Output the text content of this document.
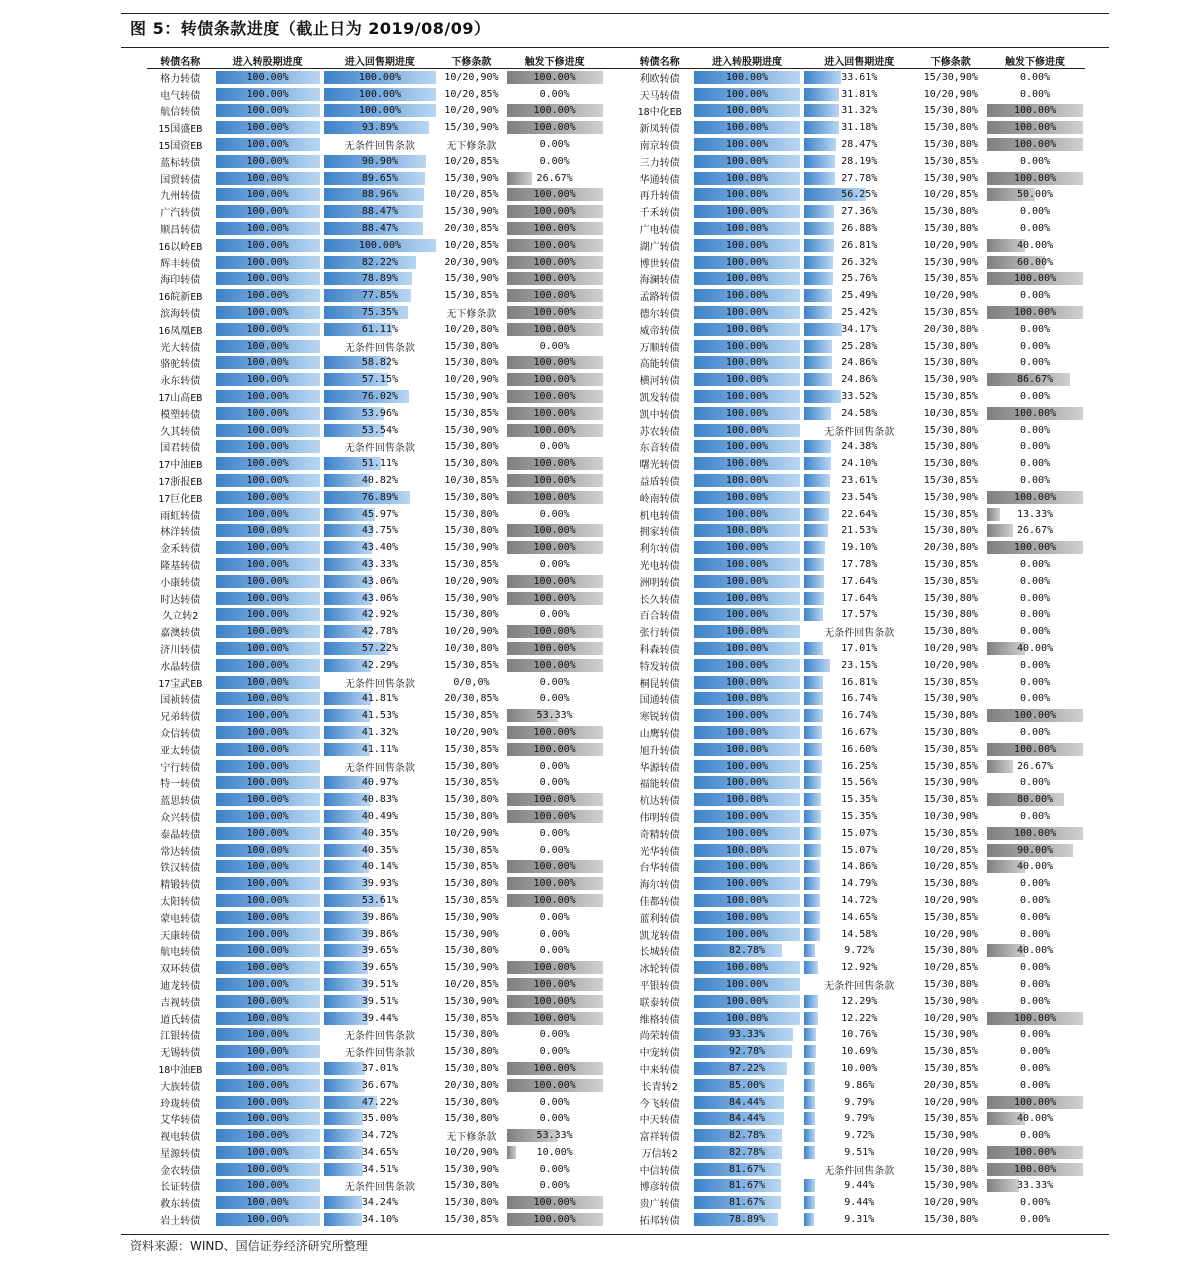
图 5：转债条款进度（截止日为 2019/08/09）
转债名称	进入转股期进度	进入回售期进度	下修条款	触发下修进度		转债名称	进入转股期进度	进入回售期进度	下修条款	触发下修进度
格力转债	100.00%	100.00%	10/20,90%	100.00%		利欧转债	100.00%	33.61%	15/30,90%	0.00%

电气转债	100.00%	100.00%	10/20,85%	0.00%		天马转债	100.00%	31.81%	10/20,90%	0.00%

航信转债	100.00%	100.00%	10/20,90%	100.00%		18中化EB	100.00%	31.32%	15/30,80%	100.00%

15国盛EB	100.00%	93.89%	15/30,90%	100.00%		新凤转债	100.00%	31.18%	15/30,80%	100.00%

15国资EB	100.00%	无条件回售条款	无下修条款	0.00%		南京转债	100.00%	28.47%	15/30,80%	100.00%

蓝标转债	100.00%	90.90%	10/20,85%	0.00%		三力转债	100.00%	28.19%	15/30,85%	0.00%

国贸转债	100.00%	89.65%	15/30,90%	26.67%		华通转债	100.00%	27.78%	15/30,90%	100.00%

九州转债	100.00%	88.96%	10/20,85%	100.00%		再升转债	100.00%	56.25%	10/20,85%	50.00%

广汽转债	100.00%	88.47%	15/30,90%	100.00%		千禾转债	100.00%	27.36%	15/30,80%	0.00%

顺昌转债	100.00%	88.47%	20/30,85%	100.00%		广电转债	100.00%	26.88%	15/30,80%	0.00%

16以岭EB	100.00%	100.00%	10/20,85%	100.00%		湖广转债	100.00%	26.81%	10/20,90%	40.00%

辉丰转债	100.00%	82.22%	20/30,90%	100.00%		博世转债	100.00%	26.32%	15/30,90%	60.00%

海印转债	100.00%	78.89%	15/30,90%	100.00%		海澜转债	100.00%	25.76%	15/30,85%	100.00%

16皖新EB	100.00%	77.85%	15/30,85%	100.00%		孟路转债	100.00%	25.49%	10/20,90%	0.00%

滨海转债	100.00%	75.35%	无下修条款	100.00%		德尔转债	100.00%	25.42%	15/30,85%	100.00%

16凤凰EB	100.00%	61.11%	10/20,80%	100.00%		威帝转债	100.00%	34.17%	20/30,80%	0.00%

光大转债	100.00%	无条件回售条款	15/30,80%	0.00%		万顺转债	100.00%	25.28%	15/30,80%	0.00%

骆驼转债	100.00%	58.82%	15/30,80%	100.00%		高能转债	100.00%	24.86%	15/30,80%	0.00%

永东转债	100.00%	57.15%	10/20,90%	100.00%		横河转债	100.00%	24.86%	15/30,90%	86.67%

17山高EB	100.00%	76.02%	15/30,90%	100.00%		凯发转债	100.00%	33.52%	15/30,85%	0.00%

模塑转债	100.00%	53.96%	15/30,85%	100.00%		凯中转债	100.00%	24.58%	10/30,85%	100.00%

久其转债	100.00%	53.54%	15/30,90%	100.00%		苏农转债	100.00%	无条件回售条款	15/30,80%	0.00%

国君转债	100.00%	无条件回售条款	15/30,80%	0.00%		东音转债	100.00%	24.38%	15/30,80%	0.00%

17中油EB	100.00%	51.11%	15/30,80%	100.00%		曙光转债	100.00%	24.10%	15/30,80%	0.00%

17浙报EB	100.00%	40.82%	10/30,85%	100.00%		益盾转债	100.00%	23.61%	15/30,85%	0.00%

17巨化EB	100.00%	76.89%	15/30,80%	100.00%		岭南转债	100.00%	23.54%	15/30,90%	100.00%

雨虹转债	100.00%	45.97%	15/30,80%	0.00%		机电转债	100.00%	22.64%	15/30,85%	13.33%

林洋转债	100.00%	43.75%	15/30,80%	100.00%		拥家转债	100.00%	21.53%	15/30,80%	26.67%

金禾转债	100.00%	43.40%	15/30,90%	100.00%		利尔转债	100.00%	19.10%	20/30,80%	100.00%

隆基转债	100.00%	43.33%	15/30,85%	0.00%		光电转债	100.00%	17.78%	15/30,85%	0.00%

小康转债	100.00%	43.06%	10/20,90%	100.00%		洲明转债	100.00%	17.64%	15/30,85%	0.00%

时达转债	100.00%	43.06%	15/30,90%	100.00%		长久转债	100.00%	17.64%	15/30,80%	0.00%

久立转2	100.00%	42.92%	15/30,80%	0.00%		百合转债	100.00%	17.57%	15/30,80%	0.00%

嘉澳转债	100.00%	42.78%	10/20,90%	100.00%		张行转债	100.00%	无条件回售条款	15/30,80%	0.00%

济川转债	100.00%	57.22%	10/30,80%	100.00%		科森转债	100.00%	17.01%	10/20,90%	40.00%

水晶转债	100.00%	42.29%	15/30,85%	100.00%		特发转债	100.00%	23.15%	10/20,90%	0.00%

17宝武EB	100.00%	无条件回售条款	0/0,0%	0.00%		桐昆转债	100.00%	16.81%	15/30,85%	0.00%

国祯转债	100.00%	41.81%	20/30,85%	0.00%		国通转债	100.00%	16.74%	15/30,90%	0.00%

兄弟转债	100.00%	41.53%	15/30,85%	53.33%		寒锐转债	100.00%	16.74%	15/30,80%	100.00%

众信转债	100.00%	41.32%	10/20,90%	100.00%		山鹰转债	100.00%	16.67%	15/30,80%	0.00%

亚太转债	100.00%	41.11%	15/30,85%	100.00%		旭升转债	100.00%	16.60%	15/30,85%	100.00%

宁行转债	100.00%	无条件回售条款	15/30,80%	0.00%		华源转债	100.00%	16.25%	15/30,85%	26.67%

特一转债	100.00%	40.97%	15/30,85%	0.00%		福能转债	100.00%	15.56%	15/30,90%	0.00%

蓝思转债	100.00%	40.83%	15/30,80%	100.00%		杭达转债	100.00%	15.35%	15/30,85%	80.00%

众兴转债	100.00%	40.49%	15/30,80%	100.00%		伟明转债	100.00%	15.35%	10/30,90%	0.00%

泰晶转债	100.00%	40.35%	10/20,90%	0.00%		奇精转债	100.00%	15.07%	15/30,85%	100.00%

常达转债	100.00%	40.35%	15/30,85%	0.00%		光华转债	100.00%	15.07%	10/20,85%	90.00%

铁汉转债	100.00%	40.14%	15/30,85%	100.00%		台华转债	100.00%	14.86%	10/20,85%	40.00%

精锻转债	100.00%	39.93%	15/30,80%	100.00%		海尔转债	100.00%	14.79%	15/30,80%	0.00%

太阳转债	100.00%	53.61%	15/30,85%	100.00%		佳都转债	100.00%	14.72%	10/20,90%	0.00%

蒙电转债	100.00%	39.86%	15/30,90%	0.00%		蓝利转债	100.00%	14.65%	15/30,85%	0.00%

天康转债	100.00%	39.86%	15/30,90%	0.00%		凯龙转债	100.00%	14.58%	10/20,90%	0.00%

航电转债	100.00%	39.65%	15/30,80%	0.00%		长城转债	82.78%	9.72%	15/30,80%	40.00%

双环转债	100.00%	39.65%	15/30,90%	100.00%		冰轮转债	100.00%	12.92%	10/20,85%	0.00%

迪龙转债	100.00%	39.51%	10/20,85%	100.00%		平银转债	100.00%	无条件回售条款	15/30,80%	0.00%

吉视转债	100.00%	39.51%	15/30,90%	100.00%		联泰转债	100.00%	12.29%	15/30,90%	0.00%

道氏转债	100.00%	39.44%	15/30,85%	100.00%		维格转债	100.00%	12.22%	10/20,90%	100.00%

江银转债	100.00%	无条件回售条款	15/30,80%	0.00%		尚荣转债	93.33%	10.76%	15/30,90%	0.00%

无锡转债	100.00%	无条件回售条款	15/30,80%	0.00%		中宠转债	92.78%	10.69%	15/30,85%	0.00%

18中油EB	100.00%	37.01%	15/30,80%	100.00%		中来转债	87.22%	10.00%	15/30,85%	0.00%

大族转债	100.00%	36.67%	20/30,80%	100.00%		长青转2	85.00%	9.86%	20/30,85%	0.00%

玲珑转债	100.00%	47.22%	15/30,80%	0.00%		今飞转债	84.44%	9.79%	10/20,90%	100.00%

艾华转债	100.00%	35.00%	15/30,80%	0.00%		中天转债	84.44%	9.79%	15/30,85%	40.00%

视电转债	100.00%	34.72%	无下修条款	53.33%		富祥转债	82.78%	9.72%	15/30,90%	0.00%

星源转债	100.00%	34.65%	10/20,90%	10.00%		万信转2	82.78%	9.51%	10/20,90%	100.00%

金农转债	100.00%	34.51%	15/30,90%	0.00%		中信转债	81.67%	无条件回售条款	15/30,80%	100.00%

长证转债	100.00%	无条件回售条款	15/30,80%	0.00%		博彦转债	81.67%	9.44%	15/30,90%	33.33%

救东转债	100.00%	34.24%	15/30,80%	100.00%		贵广转债	81.67%	9.44%	10/20,90%	0.00%

岩土转债	100.00%	34.10%	15/30,85%	100.00%		拓邦转债	78.89%	9.31%	15/30,80%	0.00%
资料来源：WIND、国信证券经济研究所整理
